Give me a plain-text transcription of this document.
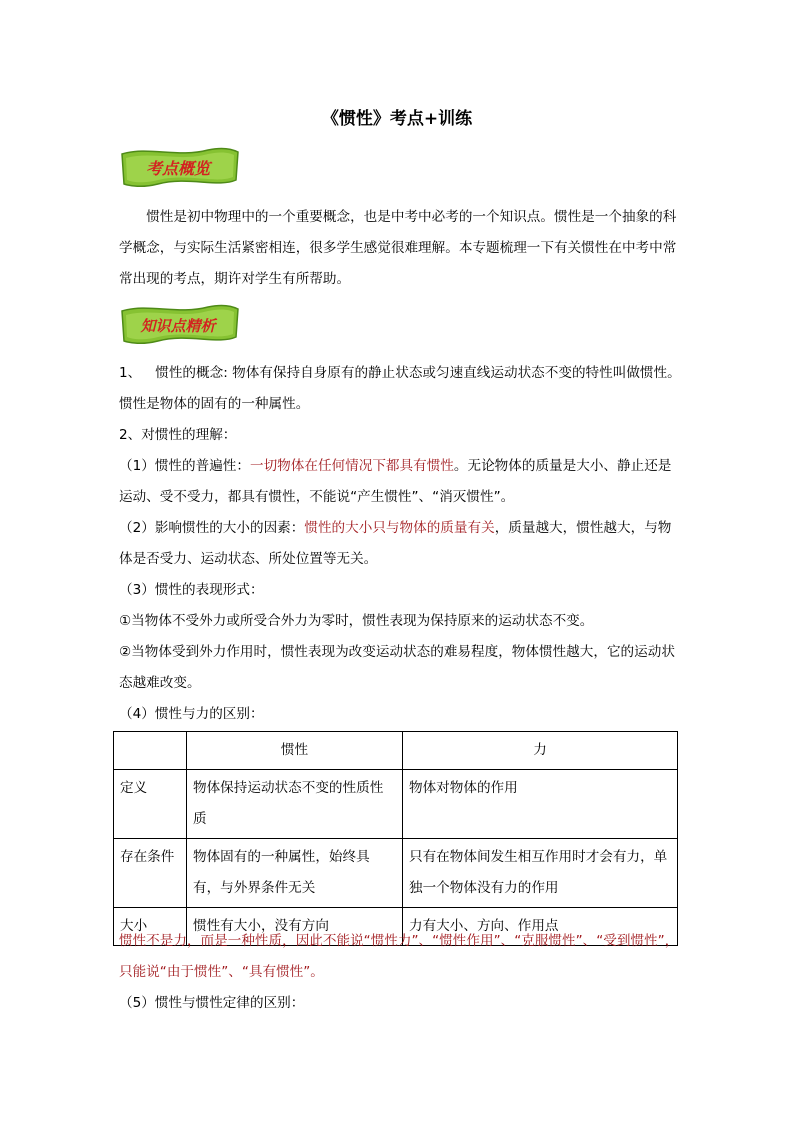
《惯性》考点+训练
考点概览
惯性是初中物理中的一个重要概念，也是中考中必考的一个知识点。惯性是一个抽象的科学概念，与实际生活紧密相连，很多学生感觉很难理解。本专题梳理一下有关惯性在中考中常常出现的考点，期许对学生有所帮助。
知识点精析
1、 惯性的概念: 物体有保持自身原有的静止状态或匀速直线运动状态不变的特性叫做惯性。
惯性是物体的固有的一种属性。
2、对惯性的理解：
（1）惯性的普遍性：一切物体在任何情况下都具有惯性。无论物体的质量是大小、静止还是运动、受不受力，都具有惯性，不能说“产生惯性”、“消灭惯性”。
（2）影响惯性的大小的因素：惯性的大小只与物体的质量有关，质量越大，惯性越大，与物体是否受力、运动状态、所处位置等无关。
（3）惯性的表现形式：
①当物体不受外力或所受合外力为零时，惯性表现为保持原来的运动状态不变。
②当物体受到外力作用时，惯性表现为改变运动状态的难易程度，物体惯性越大，它的运动状态越难改变。
（4）惯性与力的区别：
	惯性	力
定义	物体保持运动状态不变的性质性质	物体对物体的作用
存在条件	物体固有的一种属性，始终具有，与外界条件无关	只有在物体间发生相互作用时才会有力，单独一个物体没有力的作用
大小	惯性有大小，没有方向	力有大小、方向、作用点
惯性不是力，而是一种性质，因此不能说“惯性力”、“惯性作用”、“克服惯性”、“受到惯性”，只能说“由于惯性”、“具有惯性”。
（5）惯性与惯性定律的区别：
